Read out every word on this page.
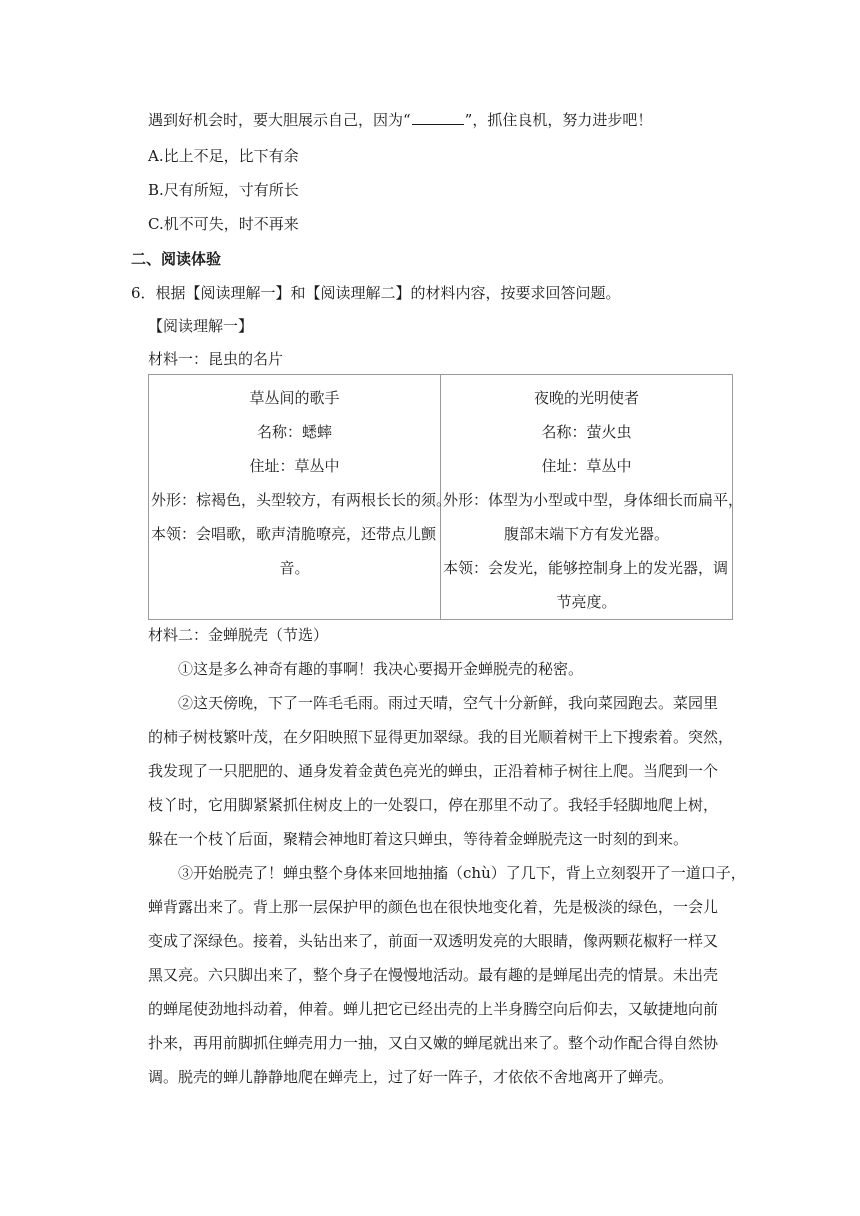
遇到好机会时，要大胆展示自己，因为“	”，抓住良机，努力进步吧！
A.比上不足，比下有余
B.尺有所短，寸有所长
C.机不可失，时不再来
二、阅读体验
6．根据【阅读理解一】和【阅读理解二】的材料内容，按要求回答问题。
【阅读理解一】
材料一：昆虫的名片
草丛间的歌手
名称：蟋蟀
住址：草丛中
外形：棕褐色，头型较方，有两根长长的须。
本领：会唱歌，歌声清脆嘹亮，还带点儿颤
音。

夜晚的光明使者
名称：萤火虫
住址：草丛中
外形：体型为小型或中型，身体细长而扁平，
腹部末端下方有发光器。
本领：会发光，能够控制身上的发光器，调
节亮度。
材料二：金蝉脱壳（节选）
①这是多么神奇有趣的事啊！我决心要揭开金蝉脱壳的秘密。
②这天傍晚，下了一阵毛毛雨。雨过天晴，空气十分新鲜，我向菜园跑去。菜园里
的柿子树枝繁叶茂，在夕阳映照下显得更加翠绿。我的目光顺着树干上下搜索着。突然，
我发现了一只肥肥的、通身发着金黄色亮光的蝉虫，正沿着柿子树往上爬。当爬到一个
枝丫时，它用脚紧紧抓住树皮上的一处裂口，停在那里不动了。我轻手轻脚地爬上树，
躲在一个枝丫后面，聚精会神地盯着这只蝉虫，等待着金蝉脱壳这一时刻的到来。
③开始脱壳了！蝉虫整个身体来回地抽搐（chù）了几下，背上立刻裂开了一道口子，
蝉背露出来了。背上那一层保护甲的颜色也在很快地变化着，先是极淡的绿色，一会儿
变成了深绿色。接着，头钻出来了，前面一双透明发亮的大眼睛，像两颗花椒籽一样又
黑又亮。六只脚出来了，整个身子在慢慢地活动。最有趣的是蝉尾出壳的情景。未出壳
的蝉尾使劲地抖动着，伸着。蝉儿把它已经出壳的上半身腾空向后仰去，又敏捷地向前
扑来，再用前脚抓住蝉壳用力一抽，又白又嫩的蝉尾就出来了。整个动作配合得自然协
调。脱壳的蝉儿静静地爬在蝉壳上，过了好一阵子，才依依不舍地离开了蝉壳。
